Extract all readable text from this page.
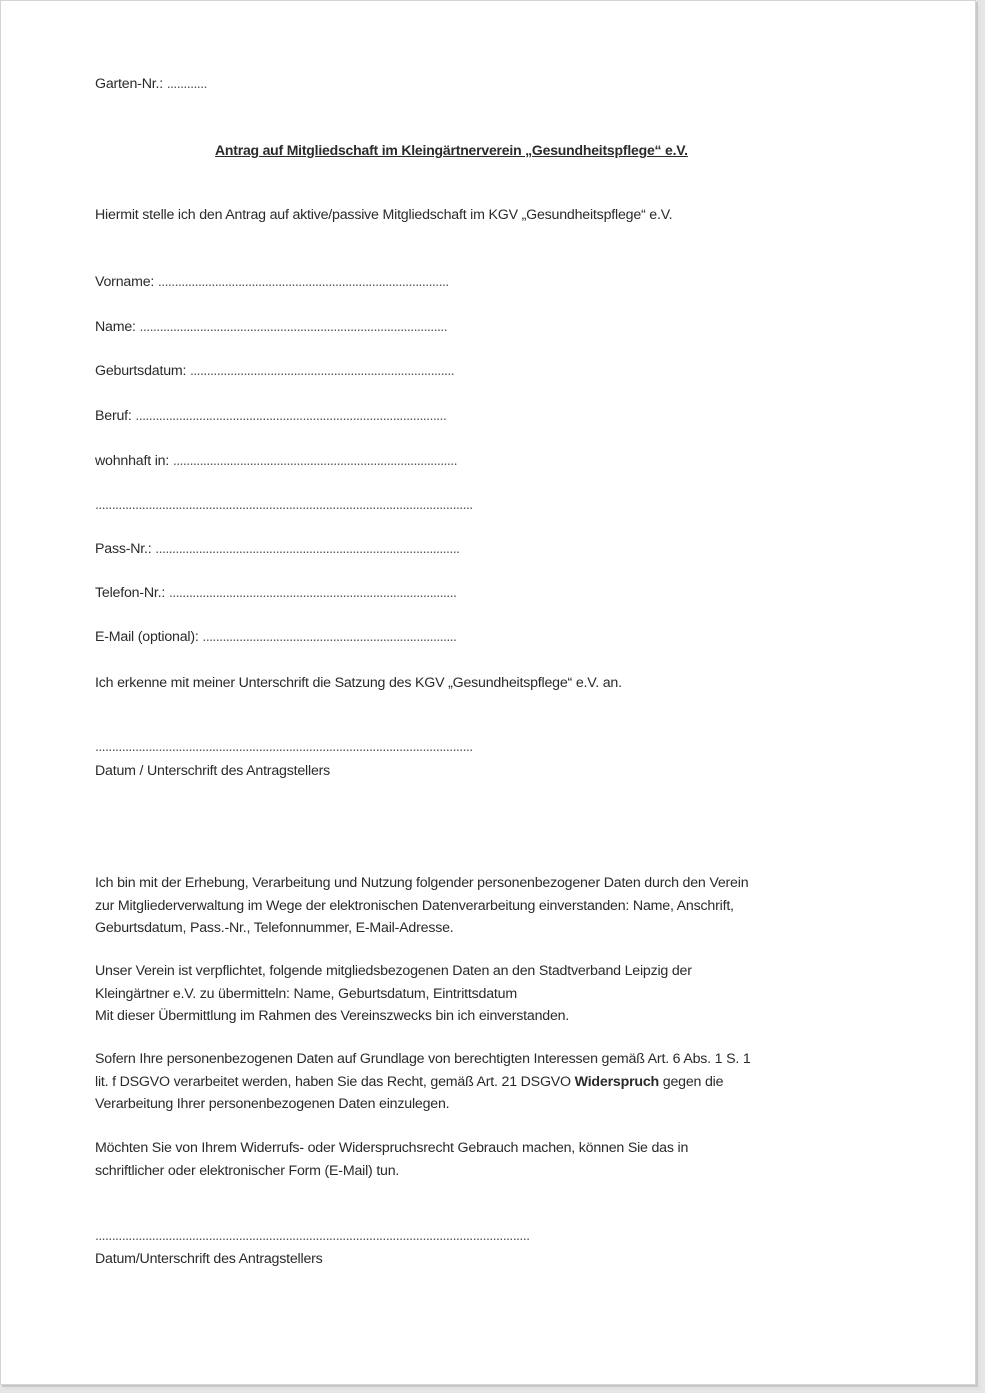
Garten-Nr.: ............
Antrag auf Mitgliedschaft im Kleingärtnerverein „Gesundheitspflege“ e.V.
Hiermit stelle ich den Antrag auf aktive/passive Mitgliedschaft im KGV „Gesundheitspflege“ e.V.
Vorname: .......................................................................................
Name: ............................................................................................
Geburtsdatum: ...............................................................................
Beruf: .............................................................................................
wohnhaft in: .....................................................................................
.................................................................................................................
Pass-Nr.: ...........................................................................................
Telefon-Nr.: ......................................................................................
E-Mail (optional): ............................................................................
Ich erkenne mit meiner Unterschrift die Satzung des KGV „Gesundheitspflege“ e.V. an.
.................................................................................................................
Datum / Unterschrift des Antragstellers
Ich bin mit der Erhebung, Verarbeitung und Nutzung folgender personenbezogener Daten durch den Verein
zur Mitgliederverwaltung im Wege der elektronischen Datenverarbeitung einverstanden: Name, Anschrift,
Geburtsdatum, Pass.-Nr., Telefonnummer, E-Mail-Adresse.
Unser Verein ist verpflichtet, folgende mitgliedsbezogenen Daten an den Stadtverband Leipzig der
Kleingärtner e.V. zu übermitteln: Name, Geburtsdatum, Eintrittsdatum
Mit dieser Übermittlung im Rahmen des Vereinszwecks bin ich einverstanden.
Sofern Ihre personenbezogenen Daten auf Grundlage von berechtigten Interessen gemäß Art. 6 Abs. 1 S. 1
lit. f DSGVO verarbeitet werden, haben Sie das Recht, gemäß Art. 21 DSGVO Widerspruch gegen die
Verarbeitung Ihrer personenbezogenen Daten einzulegen.
Möchten Sie von Ihrem Widerrufs- oder Widerspruchsrecht Gebrauch machen, können Sie das in
schriftlicher oder elektronischer Form (E-Mail) tun.
..................................................................................................................................
Datum/Unterschrift des Antragstellers
